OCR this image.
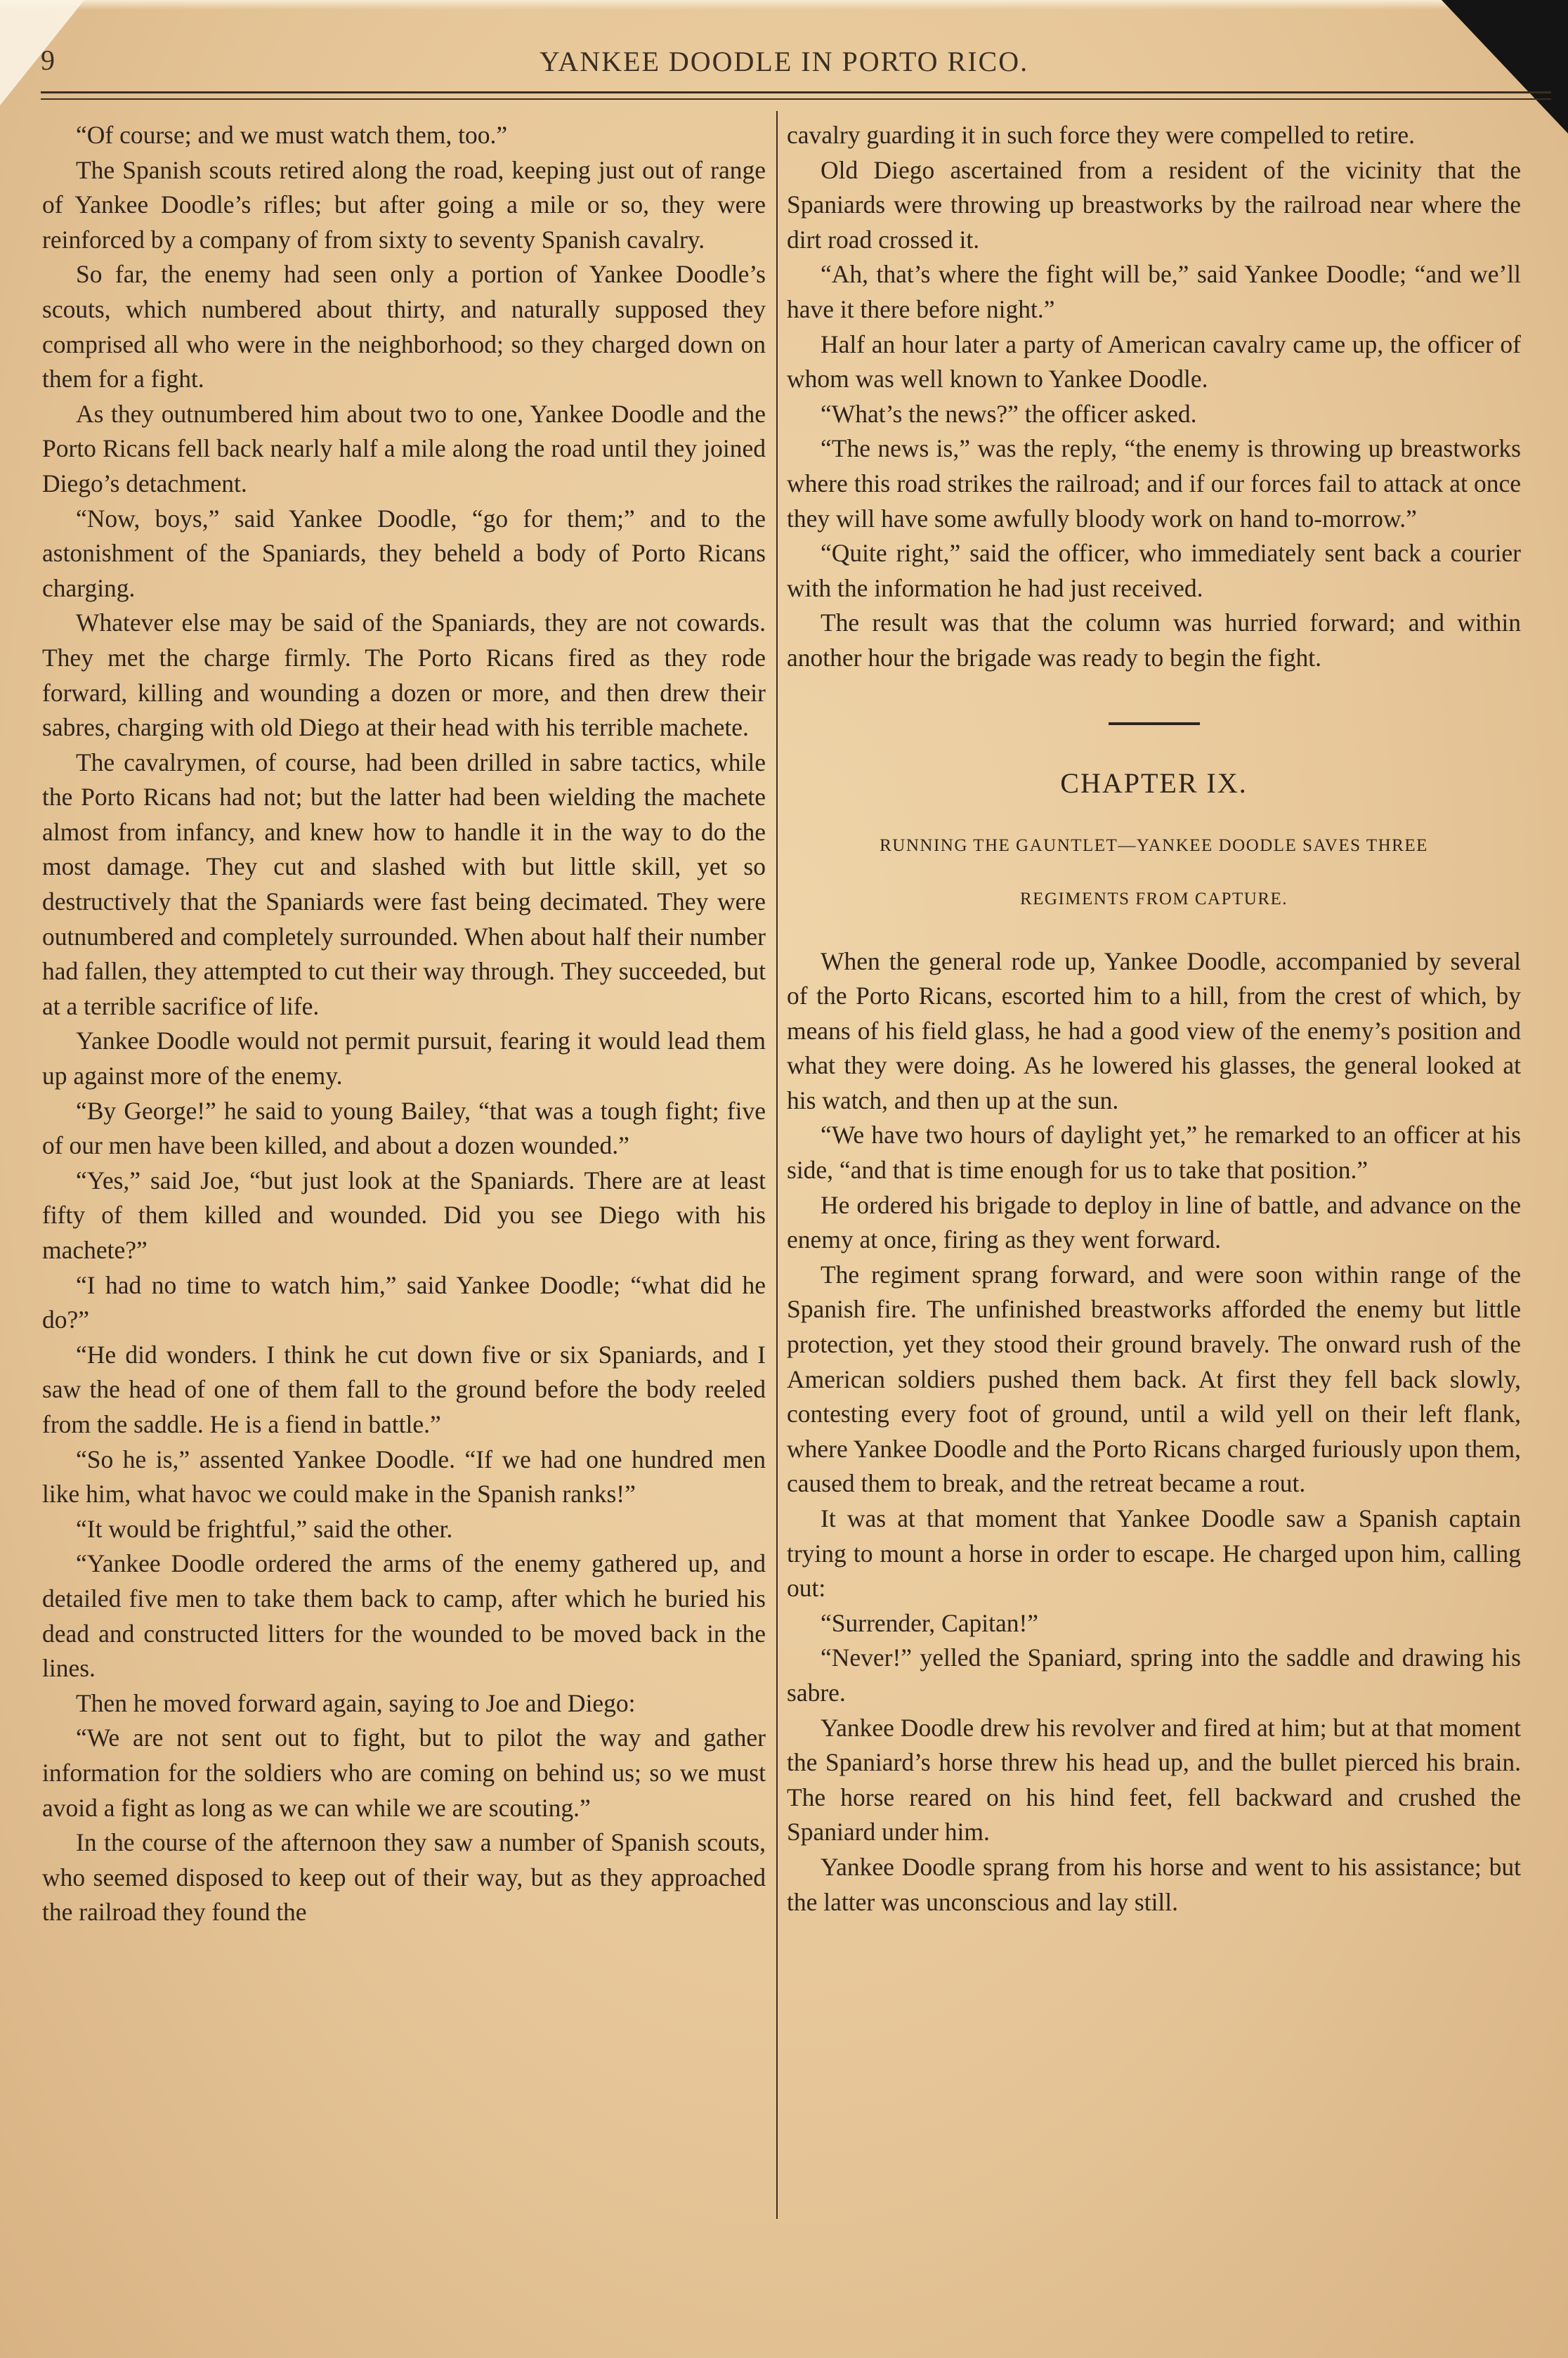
9	YANKEE DOODLE IN PORTO RICO.

“Of course; and we must watch them, too.”

The Spanish scouts retired along the road, keeping just out of range of Yankee Doodle’s rifles; but after going a mile or so, they were reinforced by a company of from sixty to seventy Spanish cavalry.

So far, the enemy had seen only a portion of Yankee Doodle’s scouts, which numbered about thirty, and naturally supposed they comprised all who were in the neighborhood; so they charged down on them for a fight.

As they outnumbered him about two to one, Yankee Doodle and the Porto Ricans fell back nearly half a mile along the road until they joined Diego’s detachment.

“Now, boys,” said Yankee Doodle, “go for them;” and to the astonishment of the Spaniards, they beheld a body of Porto Ricans charging.

Whatever else may be said of the Spaniards, they are not cowards. They met the charge firmly. The Porto Ricans fired as they rode forward, killing and wounding a dozen or more, and then drew their sabres, charging with old Diego at their head with his terrible machete.

The cavalrymen, of course, had been drilled in sabre tactics, while the Porto Ricans had not; but the latter had been wielding the machete almost from infancy, and knew how to handle it in the way to do the most damage. They cut and slashed with but little skill, yet so destructively that the Spaniards were fast being decimated. They were outnumbered and completely surrounded. When about half their number had fallen, they attempted to cut their way through. They succeeded, but at a terrible sacrifice of life.

Yankee Doodle would not permit pursuit, fearing it would lead them up against more of the enemy.

“By George!” he said to young Bailey, “that was a tough fight; five of our men have been killed, and about a dozen wounded.”

“Yes,” said Joe, “but just look at the Spaniards. There are at least fifty of them killed and wounded. Did you see Diego with his machete?”

“I had no time to watch him,” said Yankee Doodle; “what did he do?”

“He did wonders. I think he cut down five or six Spaniards, and I saw the head of one of them fall to the ground before the body reeled from the saddle. He is a fiend in battle.”

“So he is,” assented Yankee Doodle. “If we had one hundred men like him, what havoc we could make in the Spanish ranks!”

“It would be frightful,” said the other.

“Yankee Doodle ordered the arms of the enemy gathered up, and detailed five men to take them back to camp, after which he buried his dead and constructed litters for the wounded to be moved back in the lines.

Then he moved forward again, saying to Joe and Diego:

“We are not sent out to fight, but to pilot the way and gather information for the soldiers who are coming on behind us; so we must avoid a fight as long as we can while we are scouting.”

In the course of the afternoon they saw a number of Spanish scouts, who seemed disposed to keep out of their way, but as they approached the railroad they found the

cavalry guarding it in such force they were compelled to retire.

Old Diego ascertained from a resident of the vicinity that the Spaniards were throwing up breastworks by the railroad near where the dirt road crossed it.

“Ah, that’s where the fight will be,” said Yankee Doodle; “and we’ll have it there before night.”

Half an hour later a party of American cavalry came up, the officer of whom was well known to Yankee Doodle.

“What’s the news?” the officer asked.

“The news is,” was the reply, “the enemy is throwing up breastworks where this road strikes the railroad; and if our forces fail to attack at once they will have some awfully bloody work on hand to-morrow.”

“Quite right,” said the officer, who immediately sent back a courier with the information he had just received.

The result was that the column was hurried forward; and within another hour the brigade was ready to begin the fight.

CHAPTER IX.

RUNNING THE GAUNTLET—YANKEE DOODLE SAVES THREE
REGIMENTS FROM CAPTURE.

When the general rode up, Yankee Doodle, accompanied by several of the Porto Ricans, escorted him to a hill, from the crest of which, by means of his field glass, he had a good view of the enemy’s position and what they were doing. As he lowered his glasses, the general looked at his watch, and then up at the sun.

“We have two hours of daylight yet,” he remarked to an officer at his side, “and that is time enough for us to take that position.”

He ordered his brigade to deploy in line of battle, and advance on the enemy at once, firing as they went forward.

The regiment sprang forward, and were soon within range of the Spanish fire. The unfinished breastworks afforded the enemy but little protection, yet they stood their ground bravely. The onward rush of the American soldiers pushed them back. At first they fell back slowly, contesting every foot of ground, until a wild yell on their left flank, where Yankee Doodle and the Porto Ricans charged furiously upon them, caused them to break, and the retreat became a rout.

It was at that moment that Yankee Doodle saw a Spanish captain trying to mount a horse in order to escape. He charged upon him, calling out:

“Surrender, Capitan!”

“Never!” yelled the Spaniard, spring into the saddle and drawing his sabre.

Yankee Doodle drew his revolver and fired at him; but at that moment the Spaniard’s horse threw his head up, and the bullet pierced his brain. The horse reared on his hind feet, fell backward and crushed the Spaniard under him.

Yankee Doodle sprang from his horse and went to his assistance; but the latter was unconscious and lay still.
